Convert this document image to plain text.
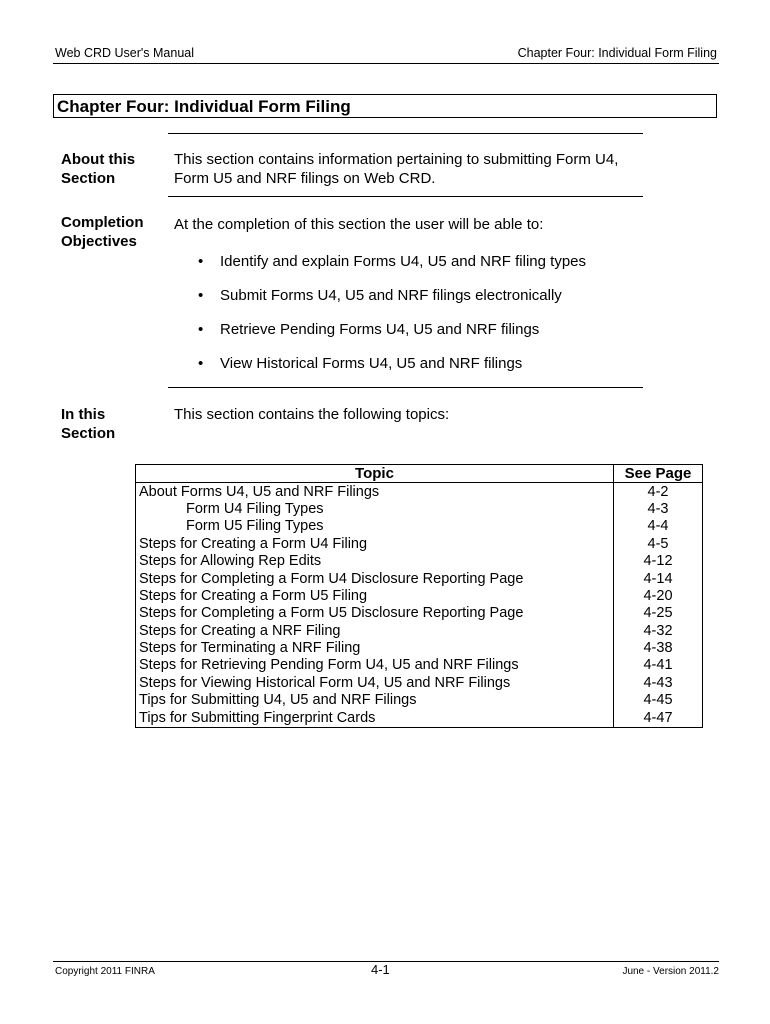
Web CRD User's Manual	Chapter Four: Individual Form Filing
Chapter Four: Individual Form Filing
About this
Section
This section contains information pertaining to submitting Form U4,
Form U5 and NRF filings on Web CRD.
Completion
Objectives
At the completion of this section the user will be able to:
• Identify and explain Forms U4, U5 and NRF filing types
• Submit Forms U4, U5 and NRF filings electronically
• Retrieve Pending Forms U4, U5 and NRF filings
• View Historical Forms U4, U5 and NRF filings
In this
Section
This section contains the following topics:
Topic	See Page
About Forms U4, U5 and NRF Filings	4-2
Form U4 Filing Types	4-3
Form U5 Filing Types	4-4
Steps for Creating a Form U4 Filing	4-5
Steps for Allowing Rep Edits	4-12
Steps for Completing a Form U4 Disclosure Reporting Page	4-14
Steps for Creating a Form U5 Filing	4-20
Steps for Completing a Form U5 Disclosure Reporting Page	4-25
Steps for Creating a NRF Filing	4-32
Steps for Terminating a NRF Filing	4-38
Steps for Retrieving Pending Form U4, U5 and NRF Filings	4-41
Steps for Viewing Historical Form U4, U5 and NRF Filings	4-43
Tips for Submitting U4, U5 and NRF Filings	4-45
Tips for Submitting Fingerprint Cards	4-47
Copyright 2011 FINRA	4-1	June - Version 2011.2
